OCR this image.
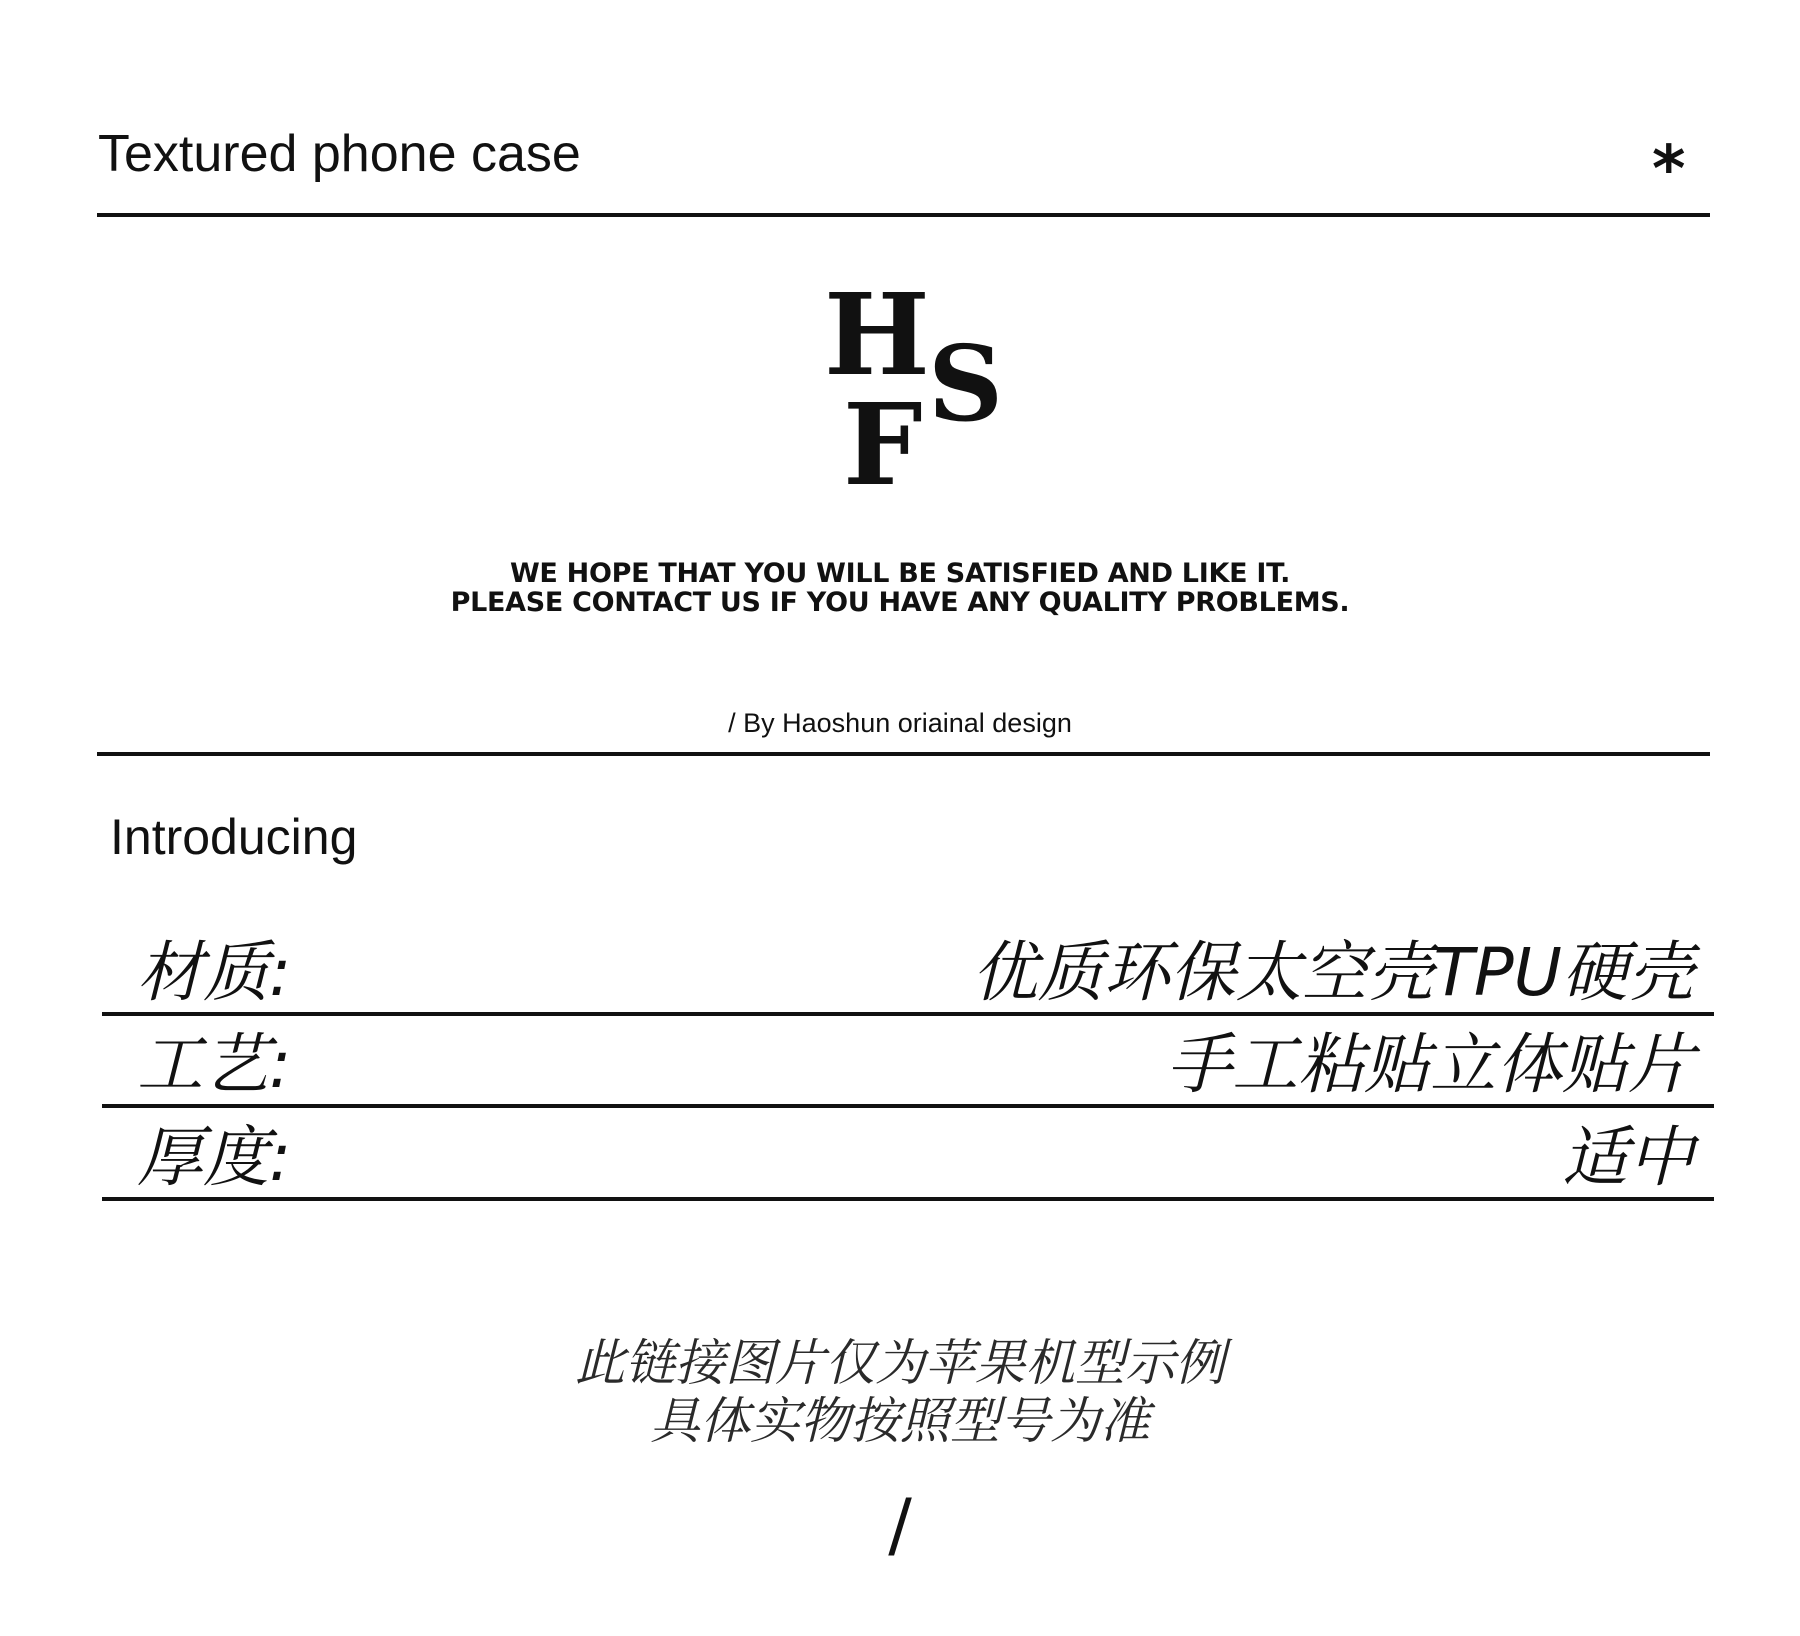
Textured phone case	*
H
S
F
WE HOPE THAT YOU WILL BE SATISFIED AND LIKE IT.
PLEASE CONTACT US IF YOU HAVE ANY QUALITY PROBLEMS.
/ By Haoshun oriainal design
Introducing
材质:	优质环保太空壳TPU硬壳
工艺:	手工粘贴立体贴片
厚度:	适中
此链接图片仅为苹果机型示例
具体实物按照型号为准
/
